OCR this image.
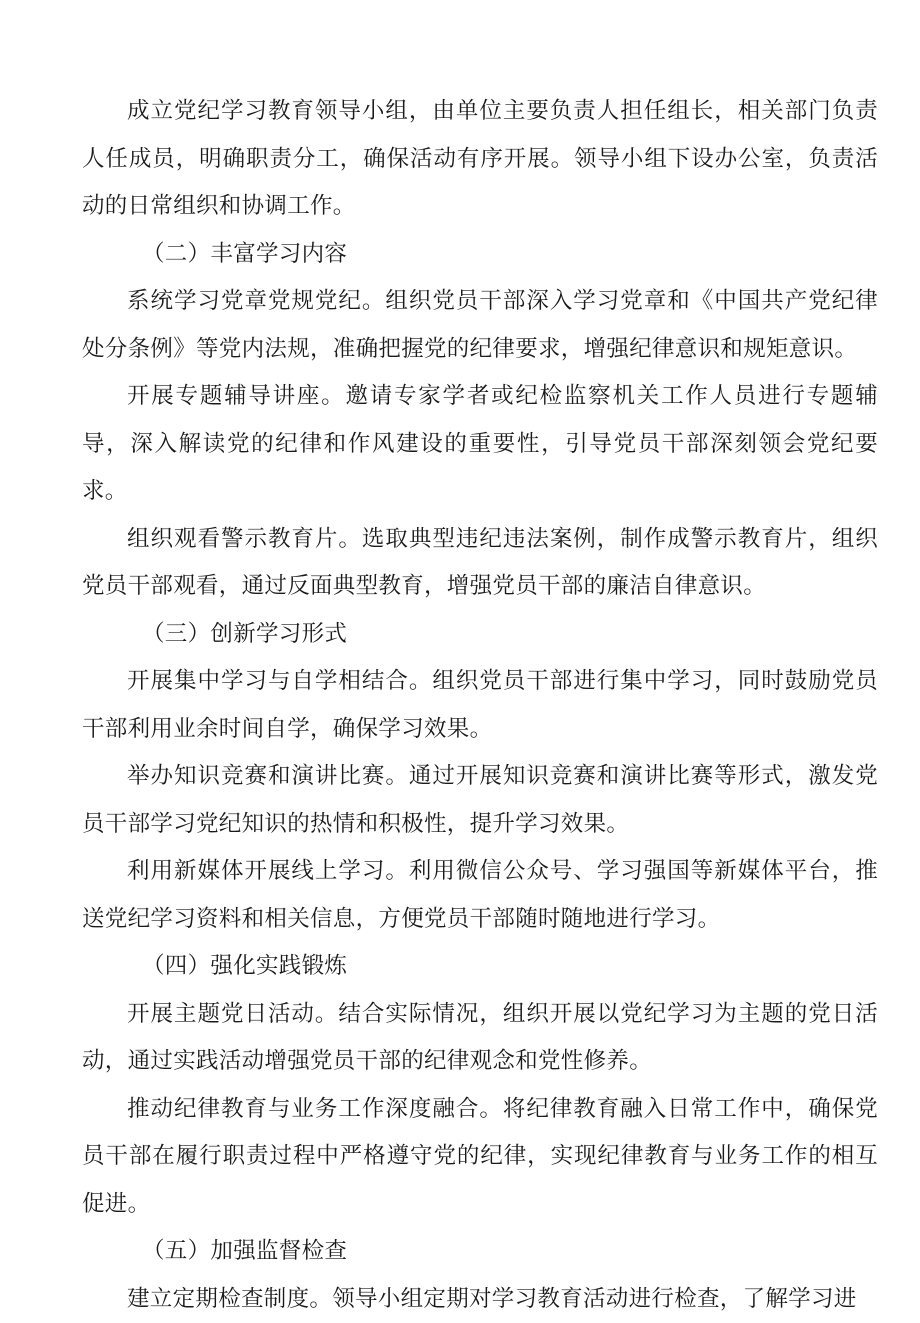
成立党纪学习教育领导小组，由单位主要负责人担任组长，相关部门负责人任成员，明确职责分工，确保活动有序开展。领导小组下设办公室，负责活动的日常组织和协调工作。

（二）丰富学习内容

系统学习党章党规党纪。组织党员干部深入学习党章和《中国共产党纪律处分条例》等党内法规，准确把握党的纪律要求，增强纪律意识和规矩意识。

开展专题辅导讲座。邀请专家学者或纪检监察机关工作人员进行专题辅导，深入解读党的纪律和作风建设的重要性，引导党员干部深刻领会党纪要求。

组织观看警示教育片。选取典型违纪违法案例，制作成警示教育片，组织党员干部观看，通过反面典型教育，增强党员干部的廉洁自律意识。

（三）创新学习形式

开展集中学习与自学相结合。组织党员干部进行集中学习，同时鼓励党员干部利用业余时间自学，确保学习效果。

举办知识竞赛和演讲比赛。通过开展知识竞赛和演讲比赛等形式，激发党员干部学习党纪知识的热情和积极性，提升学习效果。

利用新媒体开展线上学习。利用微信公众号、学习强国等新媒体平台，推送党纪学习资料和相关信息，方便党员干部随时随地进行学习。

（四）强化实践锻炼

开展主题党日活动。结合实际情况，组织开展以党纪学习为主题的党日活动，通过实践活动增强党员干部的纪律观念和党性修养。

推动纪律教育与业务工作深度融合。将纪律教育融入日常工作中，确保党员干部在履行职责过程中严格遵守党的纪律，实现纪律教育与业务工作的相互促进。

（五）加强监督检查

建立定期检查制度。领导小组定期对学习教育活动进行检查，了解学习进
